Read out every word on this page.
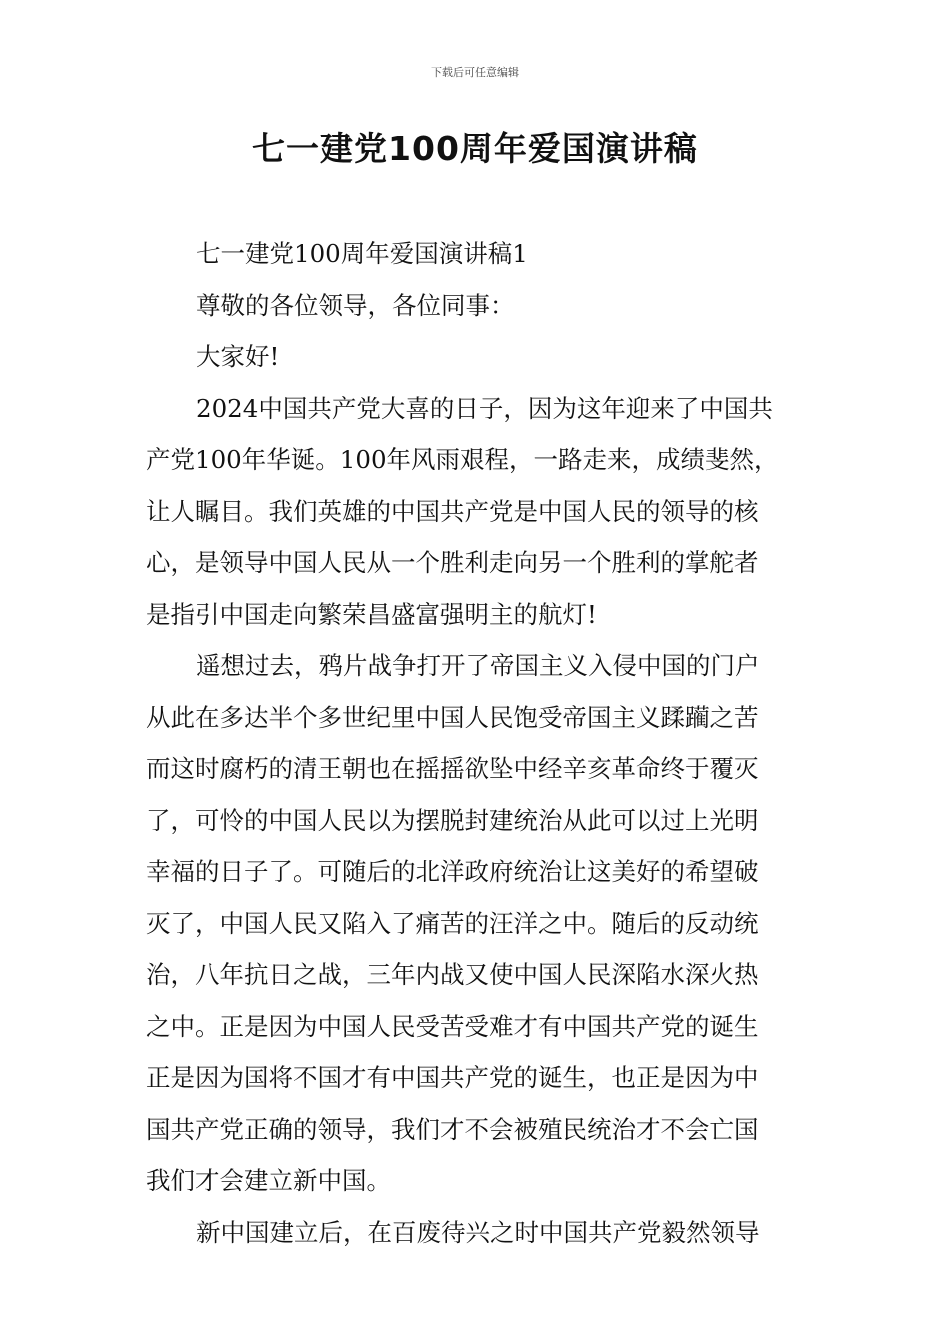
下载后可任意编辑
七一建党100周年爱国演讲稿
七一建党100周年爱国演讲稿1
尊敬的各位领导，各位同事：
大家好!
2024中国共产党大喜的日子，因为这年迎来了中国共
产党100年华诞。100年风雨艰程，一路走来，成绩斐然，
让人瞩目。我们英雄的中国共产党是中国人民的领导的核
心，是领导中国人民从一个胜利走向另一个胜利的掌舵者
是指引中国走向繁荣昌盛富强明主的航灯!
遥想过去，鸦片战争打开了帝国主义入侵中国的门户
从此在多达半个多世纪里中国人民饱受帝国主义蹂躏之苦
而这时腐朽的清王朝也在摇摇欲坠中经辛亥革命终于覆灭
了，可怜的中国人民以为摆脱封建统治从此可以过上光明
幸福的日子了。可随后的北洋政府统治让这美好的希望破
灭了，中国人民又陷入了痛苦的汪洋之中。随后的反动统
治，八年抗日之战，三年内战又使中国人民深陷水深火热
之中。正是因为中国人民受苦受难才有中国共产党的诞生
正是因为国将不国才有中国共产党的诞生，也正是因为中
国共产党正确的领导，我们才不会被殖民统治才不会亡国
我们才会建立新中国。
新中国建立后，在百废待兴之时中国共产党毅然领导
